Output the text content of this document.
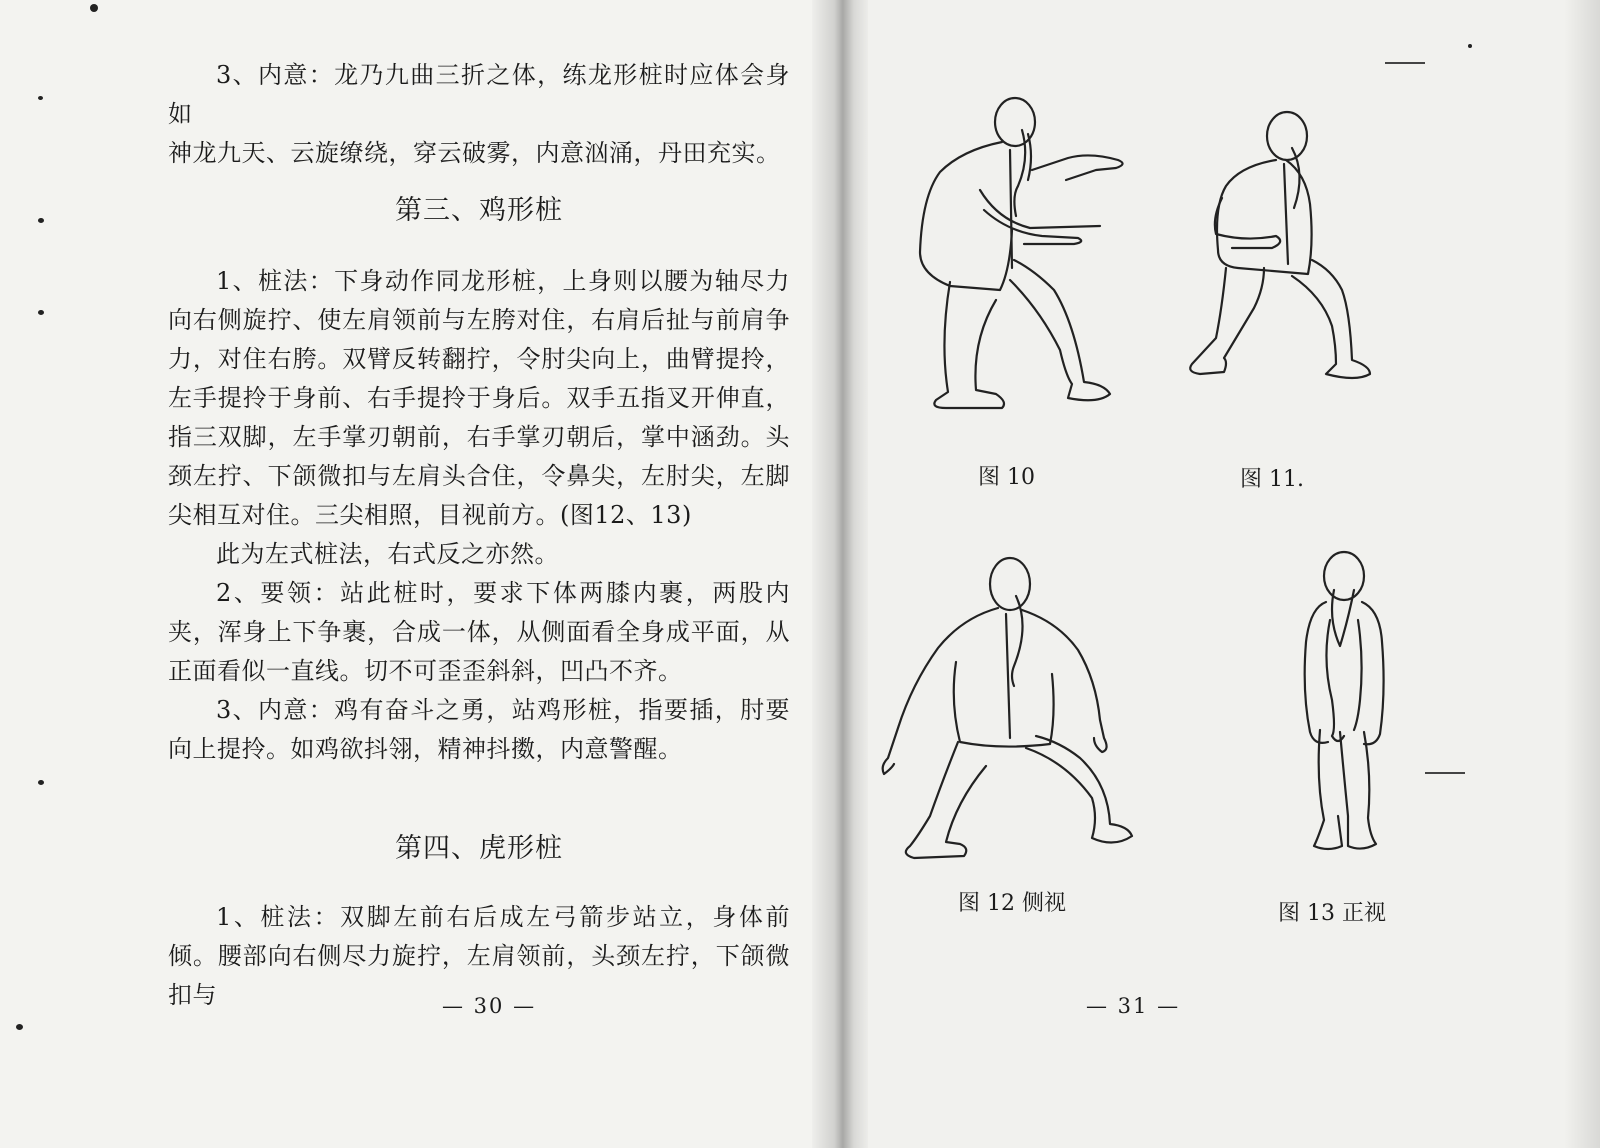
3、内意：龙乃九曲三折之体，练龙形桩时应体会身如

神龙九天、云旋缭绕，穿云破雾，内意汹涌，丹田充实。

第三、鸡形桩

1、桩法：下身动作同龙形桩，上身则以腰为轴尽力向右侧旋拧、使左肩领前与左胯对住，右肩后扯与前肩争力，对住右胯。双臂反转翻拧，令肘尖向上，曲臂提拎，左手提拎于身前、右手提拎于身后。双手五指叉开伸直，指三双脚，左手掌刃朝前，右手掌刃朝后，掌中涵劲。头颈左拧、下颌微扣与左肩头合住，令鼻尖，左肘尖，左脚尖相互对住。三尖相照，目视前方。(图12、13)

此为左式桩法，右式反之亦然。

2、要领：站此桩时，要求下体两膝内裹，两股内夹，浑身上下争裹，合成一体，从侧面看全身成平面，从正面看似一直线。切不可歪歪斜斜，凹凸不齐。

3、内意：鸡有奋斗之勇，站鸡形桩，指要插，肘要向上提拎。如鸡欲抖翎，精神抖擞，内意警醒。

第四、虎形桩

1、桩法：双脚左前右后成左弓箭步站立，身体前倾。腰部向右侧尽力旋拧，左肩领前，头颈左拧，下颌微扣与	— 30 —
图 10	图 11.
图 12 侧视	图 13 正视
— 31 —
